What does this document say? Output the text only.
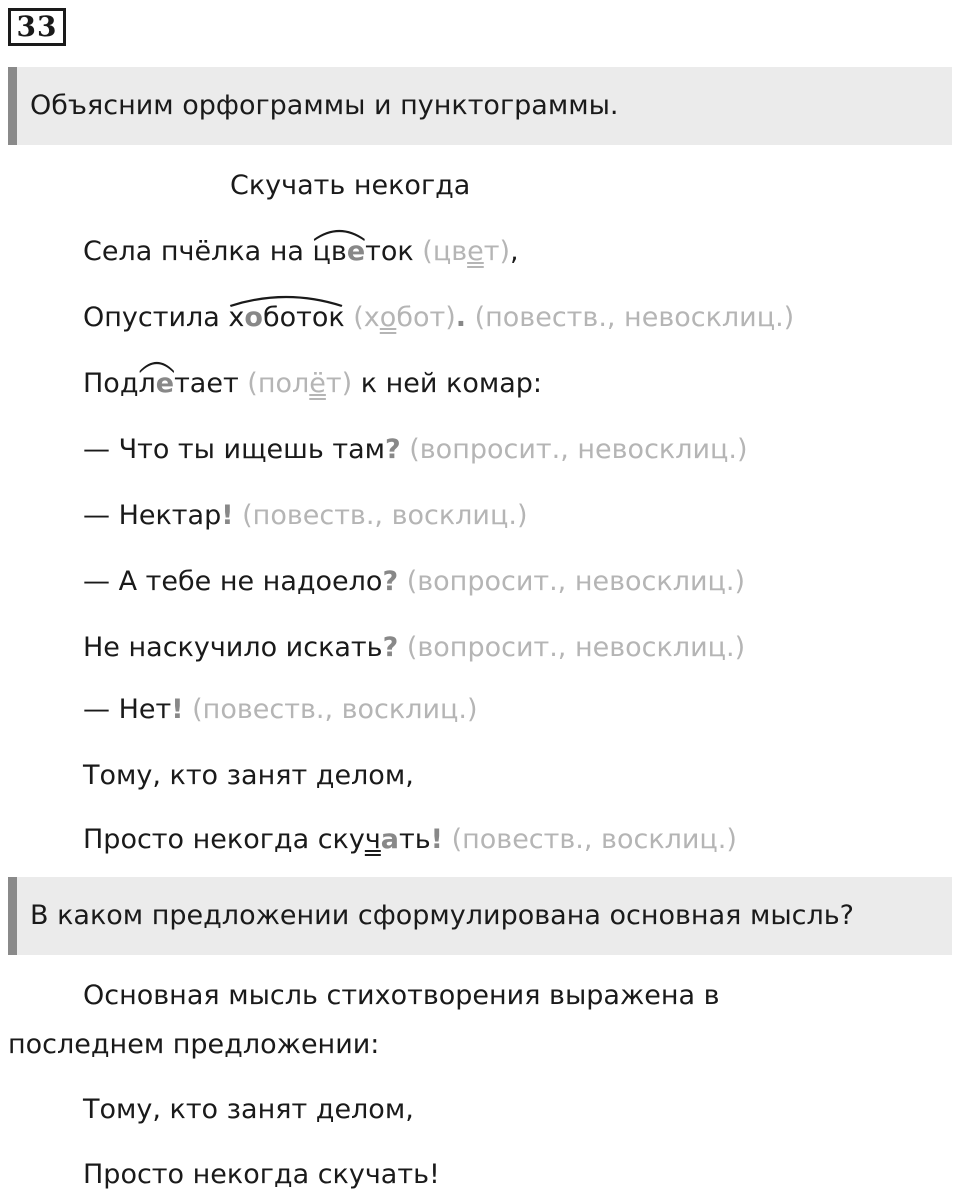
33
Объясним орфограммы и пунктограммы.
Скучать некогда
Села пчёлка на
цветок (цвет),
Опустила
хоботок (хобот). (повеств., невосклиц.)
Под
летает (полёт) к ней комар:
— Что ты ищешь там? (вопросит., невосклиц.)
— Нектар! (повеств., восклиц.)
— А тебе не надоело? (вопросит., невосклиц.)
Не наскучило искать? (вопросит., невосклиц.)
— Нет! (повеств., восклиц.)
Тому, кто занят делом,
Просто некогда скучать! (повеств., восклиц.)
В каком предложении сформулирована основная мысль?
Основная мысль стихотворения выражена в
последнем предложении:
Тому, кто занят делом,
Просто некогда скучать!
